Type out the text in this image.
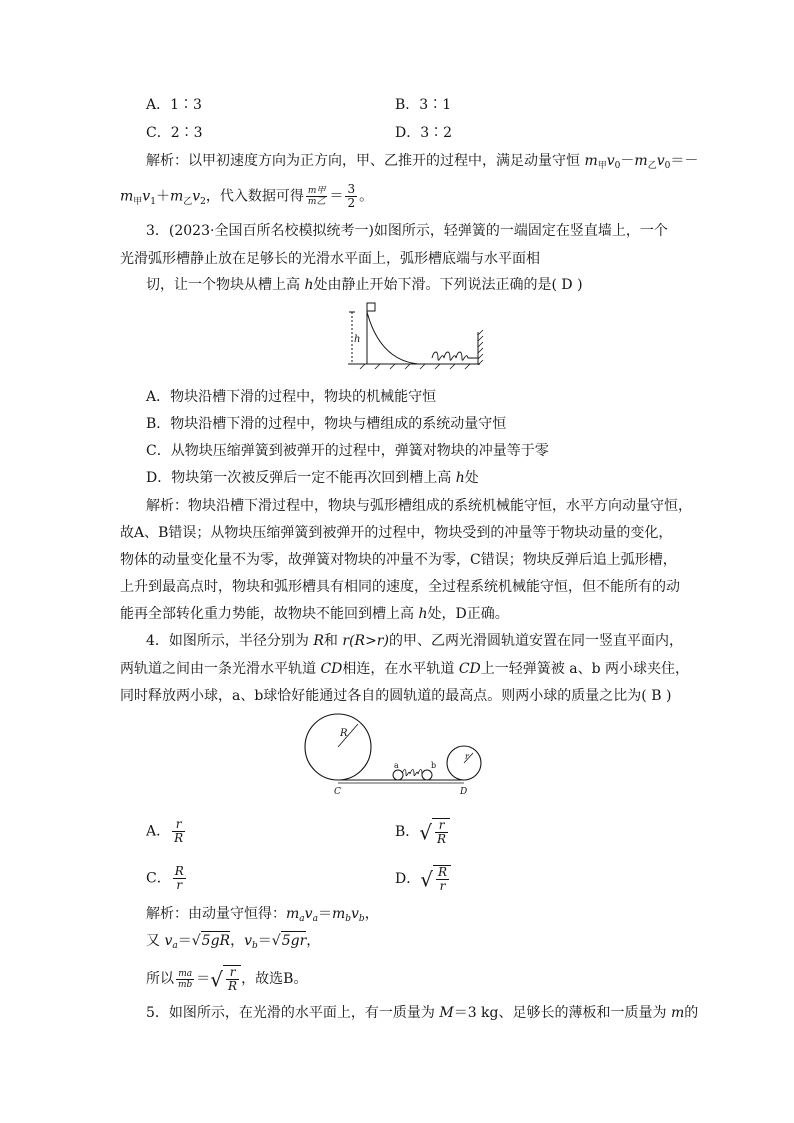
A．1∶3	B．3∶1
C．2∶3	D．3∶2
解析：以甲初速度方向为正方向，甲、乙推开的过程中，满足动量守恒 $m_甲v_0-m_乙v_0=-$
$m_甲v_1+m_乙v_2$，代入数据可得 $\frac{\text{m甲}}{\text{m乙}} = \frac{3}{2}$ 。
3．(2023·全国百所名校模拟统考一)如图所示，轻弹簧的一端固定在竖直墙上，一个
光滑弧形槽静止放在足够长的光滑水平面上，弧形槽底端与水平面相
切，让一个物块从槽上高 h处由静止开始下滑。下列说法正确的是( D )
h
A．物块沿槽下滑的过程中，物块的机械能守恒
B．物块沿槽下滑的过程中，物块与槽组成的系统动量守恒
C．从物块压缩弹簧到被弹开的过程中，弹簧对物块的冲量等于零
D．物块第一次被反弹后一定不能再次回到槽上高 h处
解析：物块沿槽下滑过程中，物块与弧形槽组成的系统机械能守恒，水平方向动量守恒，
故A、B错误；从物块压缩弹簧到被弹开的过程中，物块受到的冲量等于物块动量的变化，
物体的动量变化量不为零，故弹簧对物块的冲量不为零，C错误；物块反弹后追上弧形槽，
上升到最高点时，物块和弧形槽具有相同的速度，全过程系统机械能守恒，但不能所有的动
能再全部转化重力势能，故物块不能回到槽上高 h处，D正确。
4．如图所示，半径分别为 R和 r(R>r)的甲、乙两光滑圆轨道安置在同一竖直平面内，
两轨道之间由一条光滑水平轨道 CD相连，在水平轨道 CD上一轻弹簧被 a、b 两小球夹住，
同时释放两小球，a、b球恰好能通过各自的圆轨道的最高点。则两小球的质量之比为( B )
R
r
a	b
C	D
A． $\frac{r}{R}$	B．√ $\frac{r}{R}$
C． $\frac{R}{r}$	D．√ $\frac{R}{r}$
解析：由动量守恒得：$m_av_a=m_bv_b$，
又 $v_a=√5gR$，$v_b=√5gr$，
所以 $\frac{ma}{mb}$ ＝√ $\frac{r}{R}$ ，故选B。
5．如图所示，在光滑的水平面上，有一质量为 M＝3 kg、足够长的薄板和一质量为 m的
